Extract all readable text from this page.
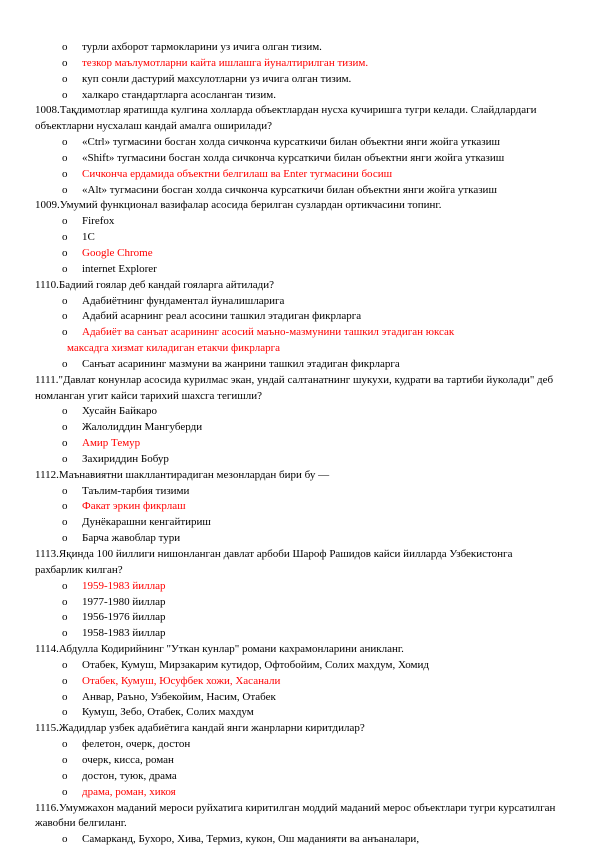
o турли ахборот тармокларини уз ичига олган тизим.
o тезкор маълумотларни кайта ишлашга йуналтирилган тизим.
o куп сонли дастурий махсулотларни уз ичига олган тизим.
o халкаро стандартларга асосланган тизим.
1008.Тақдимотлар яратишда кулгина холларда объектлардан нусха кучиришга тугри келади. Слайдлардаги объектларни нусхалаш кандай амалга оширилади?
o «Ctrl» тугмасини босган холда сичконча курсаткичи билан объектни янги жойга утказиш
o «Shift» тугмасини босган холда сичконча курсаткичи билан объектни янги жойга утказиш
o Сичконча ердамида объектни белгилаш ва Enter тугмасини босиш
o «Alt» тугмасини босган холда сичконча курсаткичи билан объектни янги жойга утказиш
1009.Умумий функционал вазифалар асосида берилган сузлардан ортикчасини топинг.
o Firefox
o 1C
o Google Chrome
o internet Explorer
1110.Бадиий гоялар деб кандай гояларга айтилади?
o Адабиётнинг фундаментал йуналишларига
o Адабий асарнинг реал асосини ташкил этадиган фикрларга
o Адабиёт ва санъат асарининг асосий маъно-мазмунини ташкил этадиган юксак
максадга хизмат киладиган етакчи фикрларга
o Санъат асарининг мазмуни ва жанрини ташкил этадиган фикрларга
1111."Давлат конунлар асосида курилмас экан, ундай салтанатнинг шукухи, кудрати ва тартиби йуколади" деб номланган угит кайси тарихий шахсга тегишли?
o Хусайн Байкаро
o Жалолиддин Мангуберди
o Амир Темур
o Захириддин Бобур
1112.Маънавиятни шакллантирадиган мезонлардан бири бу —
o Таълим-тарбия тизими
o Факат эркин фикрлаш
o Дунёкарашни кенгайтириш
o Барча жавоблар тури
1113.Яқинда 100 йиллиги нишонланган давлат арбоби Шароф Рашидов кайси йилларда Узбекистонга рахбарлик килган?
o 1959-1983 йиллар
o 1977-1980 йиллар
o 1956-1976 йиллар
o 1958-1983 йиллар
1114.Абдулла Кодирийнинг "Уткан кунлар" романи кахрамонларини аникланг.
o Отабек, Кумуш, Мирзакарим кутидор, Офтобойим, Солих махдум, Хомид
o Отабек, Кумуш, Юсуфбек хожи, Хасанали
o Анвар, Раъно, Узбекойим, Насим, Отабек
o Кумуш, Зебо, Отабек, Солих махдум
1115.Жадидлар узбек адабиётига кандай янги жанрларни киритдилар?
o фелетон, очерк, достон
o очерк, кисса, роман
o достон, туюк, драма
o драма, роман, хикоя
1116.Умумжахон маданий мероси руйхатига киритилган моддий маданий мерос объектлари тугри курсатилган жавобни белгиланг.
o Самарканд, Бухоро, Хива, Термиз, кукон, Ош маданияти ва анъаналари,
